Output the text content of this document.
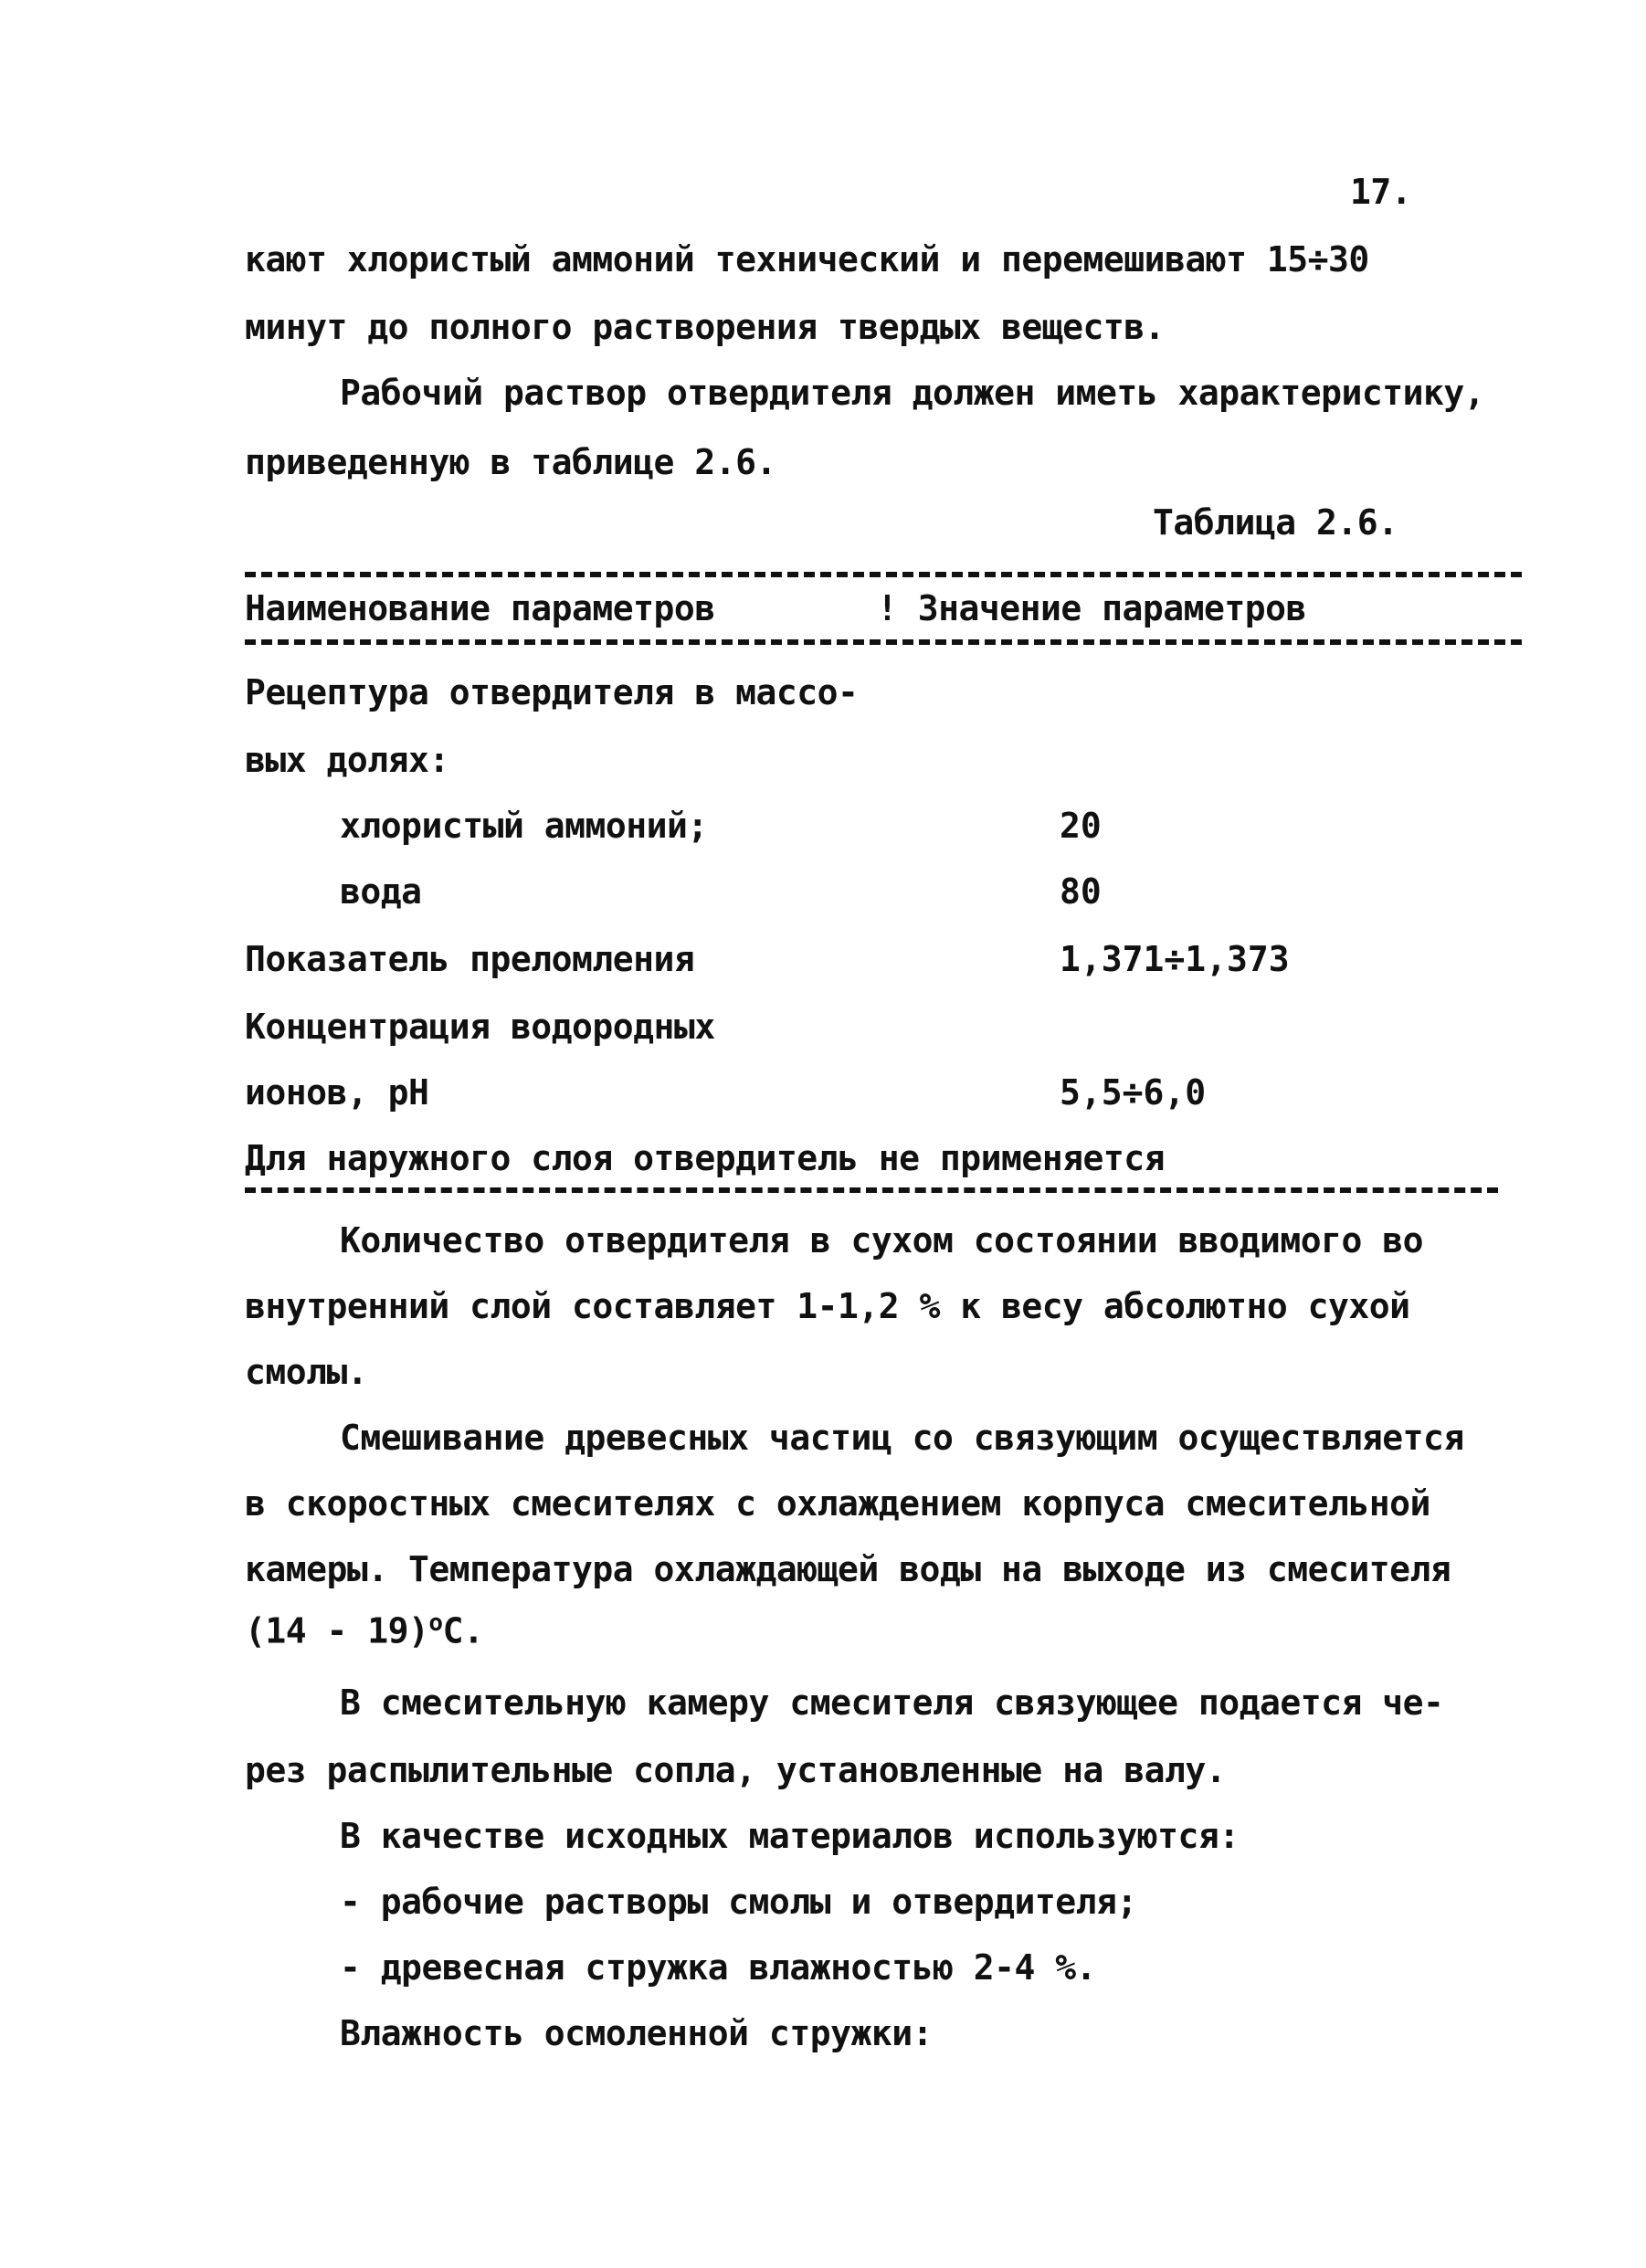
17.
кают хлористый аммоний технический и перемешивают 15÷30
минут до полного растворения твердых веществ.
Рабочий раствор отвердителя должен иметь характеристику,
приведенную в таблице 2.6.
Таблица 2.6.
Наименование параметров	! Значение параметров
Рецептура отвердителя в массо-
вых долях:
хлористый аммоний;	20
вода	80
Показатель преломления	1,371÷1,373
Концентрация водородных
ионов, pH	5,5÷6,0
Для наружного слоя отвердитель не применяется
Количество отвердителя в сухом состоянии вводимого во
внутренний слой составляет 1-1,2 % к весу абсолютно сухой
смолы.
Смешивание древесных частиц со связующим осуществляется
в скоростных смесителях с охлаждением корпуса смесительной
камеры. Температура охлаждающей воды на выходе из смесителя
(14 - 19)$^o$С.
В смесительную камеру смесителя связующее подается че-
рез распылительные сопла, установленные на валу.
В качестве исходных материалов используются:
- рабочие растворы смолы и отвердителя;
- древесная стружка влажностью 2-4 %.
Влажность осмоленной стружки:
